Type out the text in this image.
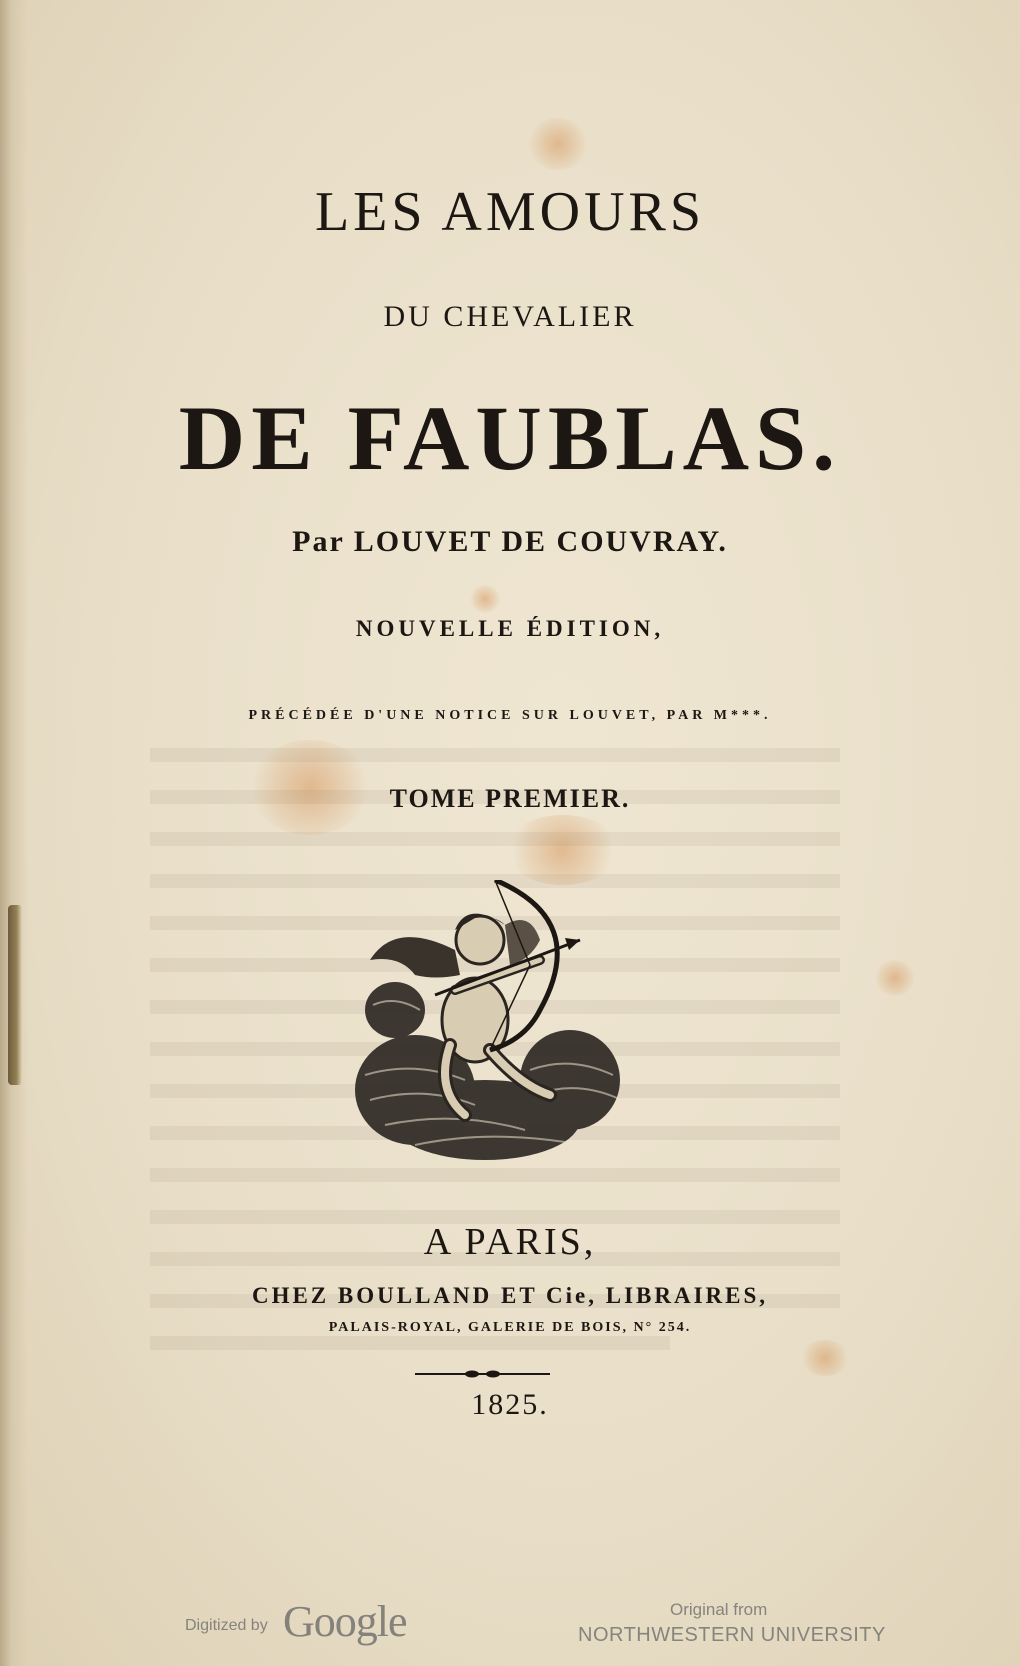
LES AMOURS
DU CHEVALIER
DE FAUBLAS.
Par LOUVET DE COUVRAY.
NOUVELLE ÉDITION,
PRÉCÉDÉE D'UNE NOTICE SUR LOUVET, PAR M***.
TOME PREMIER.
A PARIS,
CHEZ BOULLAND ET Cie, LIBRAIRES,
PALAIS-ROYAL, GALERIE DE BOIS, N° 254.
1825.
Digitized by Google	Original from
NORTHWESTERN UNIVERSITY
